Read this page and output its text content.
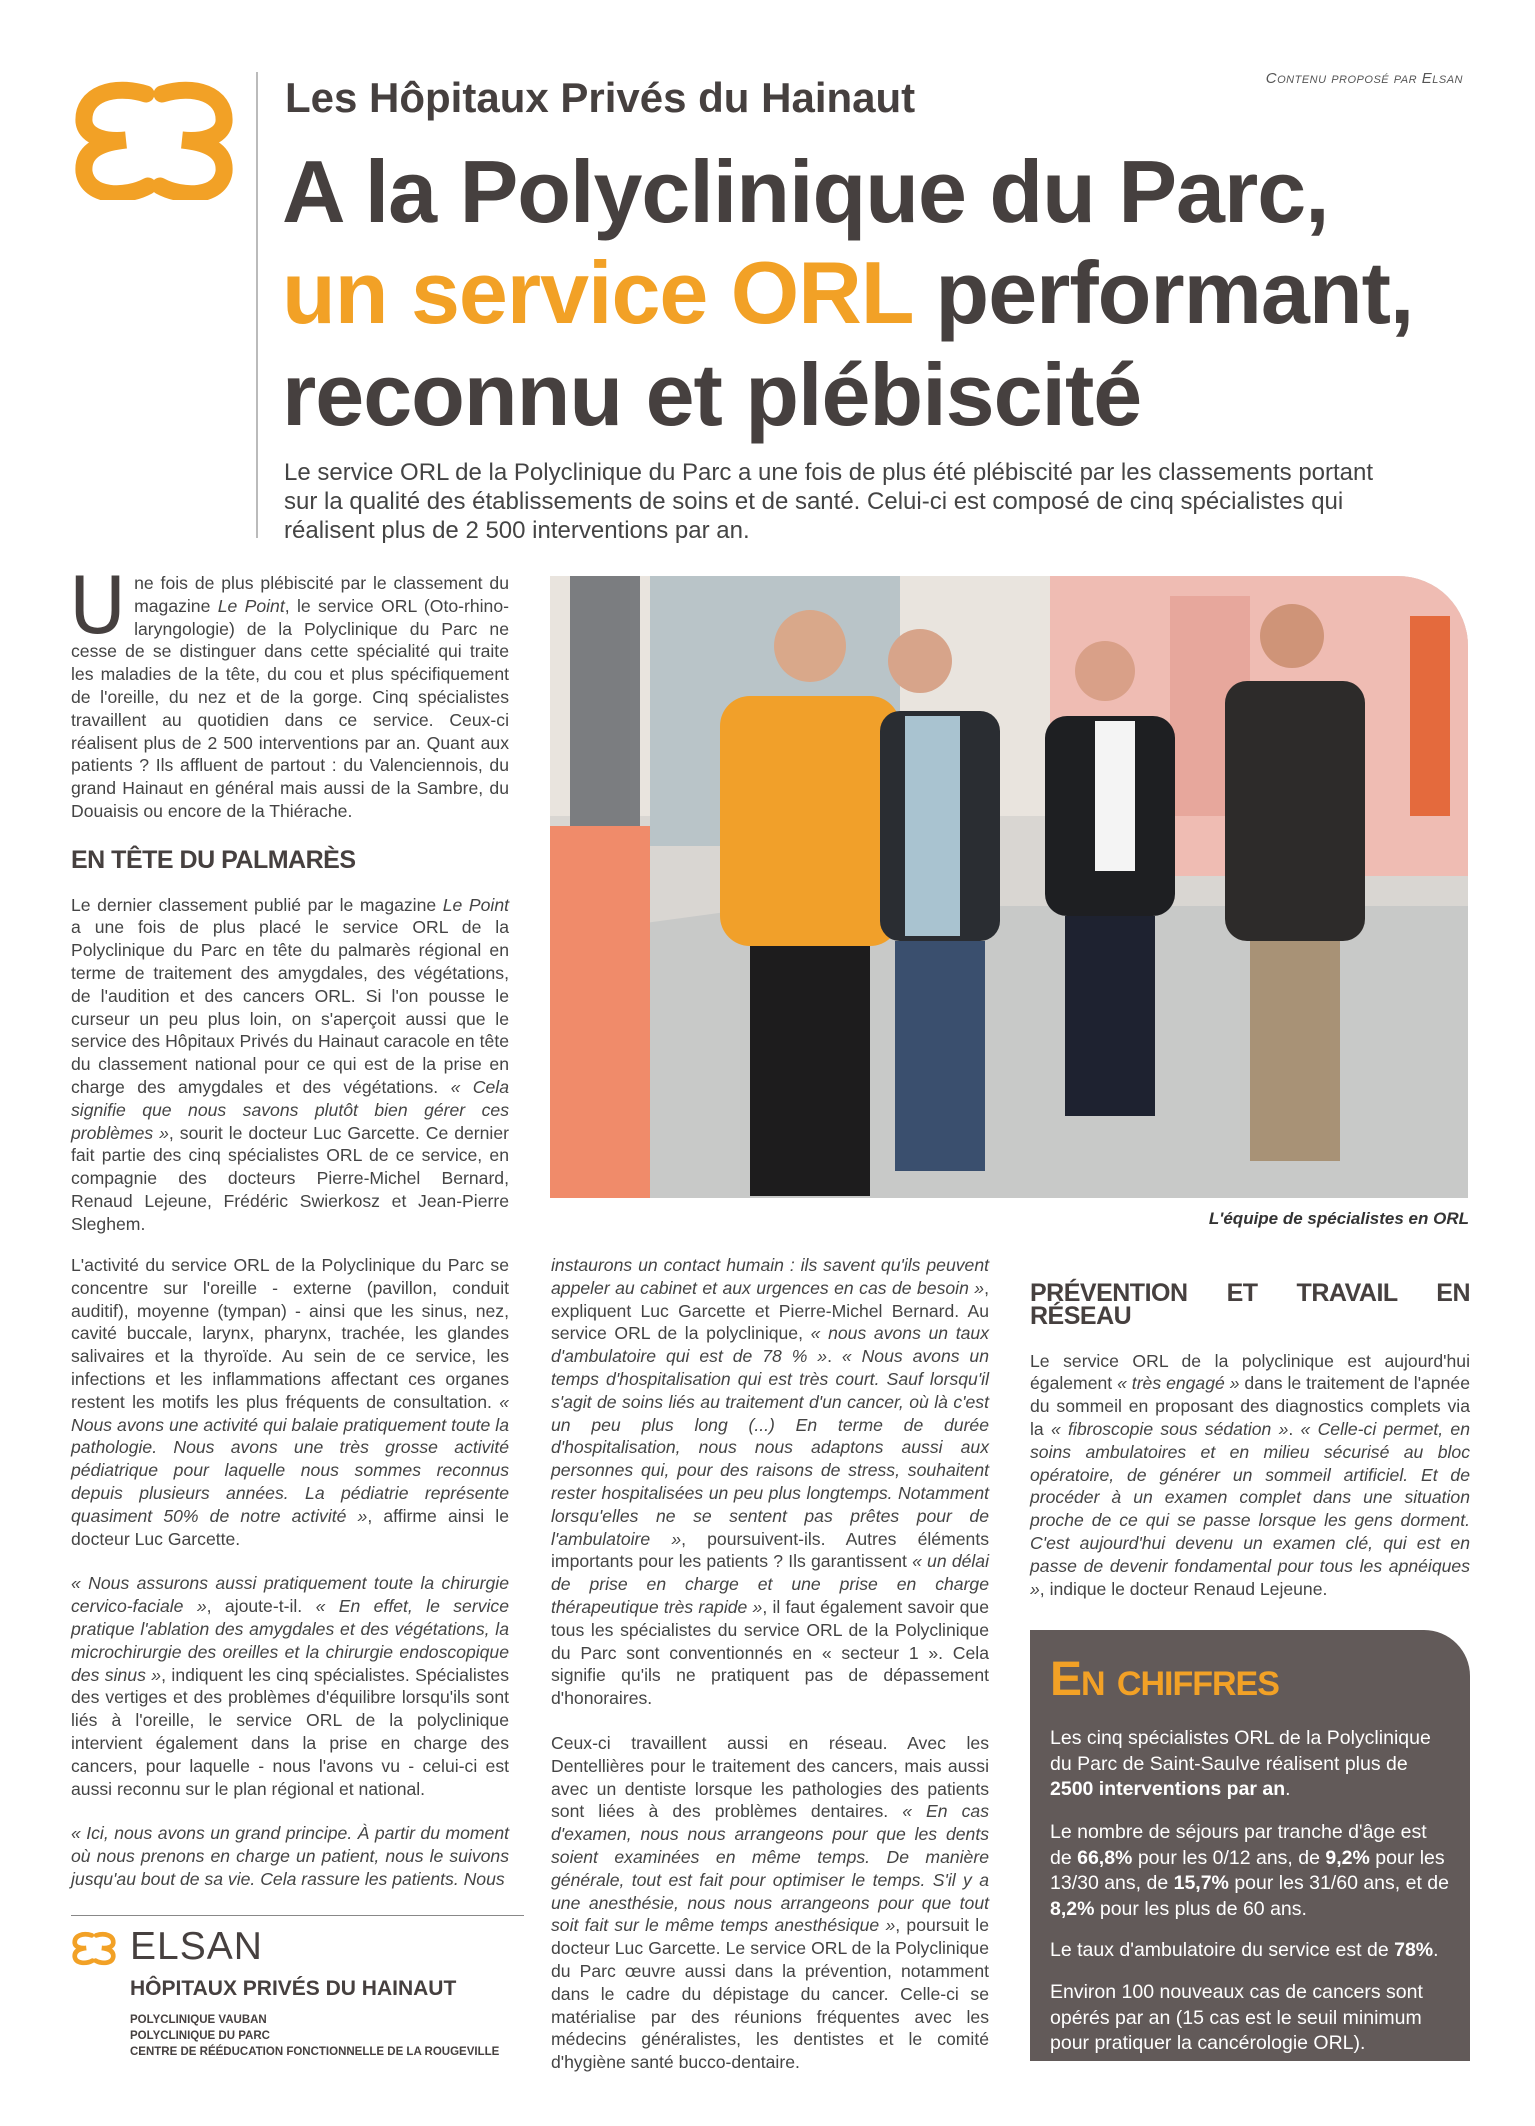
Contenu proposé par Elsan
Les Hôpitaux Privés du Hainaut
A la Polyclinique du Parc,
un service ORL performant,
reconnu et plébiscité
Le service ORL de la Polyclinique du Parc a une fois de plus été plébiscité par les classements portant sur la qualité des établissements de soins et de santé. Celui-ci est composé de cinq spécialistes qui réalisent plus de 2 500 interventions par an.

Une fois de plus plébiscité par le classement du magazine Le Point, le service ORL (Oto-rhino-laryngologie) de la Polyclinique du Parc ne cesse de se distinguer dans cette spécialité qui traite les maladies de la tête, du cou et plus spécifiquement de l'oreille, du nez et de la gorge. Cinq spécialistes travaillent au quotidien dans ce service. Ceux-ci réalisent plus de 2 500 interventions par an. Quant aux patients ? Ils affluent de partout : du Valenciennois, du grand Hainaut en général mais aussi de la Sambre, du Douaisis ou encore de la Thiérache.

EN TÊTE DU PALMARÈS

Le dernier classement publié par le magazine Le Point a une fois de plus placé le service ORL de la Polyclinique du Parc en tête du palmarès régional en terme de traitement des amygdales, des végétations, de l'audition et des cancers ORL. Si l'on pousse le curseur un peu plus loin, on s'aperçoit aussi que le service des Hôpitaux Privés du Hainaut caracole en tête du classement national pour ce qui est de la prise en charge des amygdales et des végétations. « Cela signifie que nous savons plutôt bien gérer ces problèmes », sourit le docteur Luc Garcette. Ce dernier fait partie des cinq spécialistes ORL de ce service, en compagnie des docteurs Pierre-Michel Bernard, Renaud Lejeune, Frédéric Swierkosz et Jean-Pierre Sleghem.	L'équipe de spécialistes en ORL

L'activité du service ORL de la Polyclinique du Parc se concentre sur l'oreille - externe (pavillon, conduit auditif), moyenne (tympan) - ainsi que les sinus, nez, cavité buccale, larynx, pharynx, trachée, les glandes salivaires et la thyroïde. Au sein de ce service, les infections et les inflammations affectant ces organes restent les motifs les plus fréquents de consultation. « Nous avons une activité qui balaie pratiquement toute la pathologie. Nous avons une très grosse activité pédiatrique pour laquelle nous sommes reconnus depuis plusieurs années. La pédiatrie représente quasiment 50% de notre activité », affirme ainsi le docteur Luc Garcette.

« Nous assurons aussi pratiquement toute la chirurgie cervico-faciale », ajoute-t-il. « En effet, le service pratique l'ablation des amygdales et des végétations, la microchirurgie des oreilles et la chirurgie endoscopique des sinus », indiquent les cinq spécialistes. Spécialistes des vertiges et des problèmes d'équilibre lorsqu'ils sont liés à l'oreille, le service ORL de la polyclinique intervient également dans la prise en charge des cancers, pour laquelle - nous l'avons vu - celui-ci est aussi reconnu sur le plan régional et national.

« Ici, nous avons un grand principe. À partir du moment où nous prenons en charge un patient, nous le suivons jusqu'au bout de sa vie. Cela rassure les patients. Nous

instaurons un contact humain : ils savent qu'ils peuvent appeler au cabinet et aux urgences en cas de besoin », expliquent Luc Garcette et Pierre-Michel Bernard. Au service ORL de la polyclinique, « nous avons un taux d'ambulatoire qui est de 78 % ». « Nous avons un temps d'hospitalisation qui est très court. Sauf lorsqu'il s'agit de soins liés au traitement d'un cancer, où là c'est un peu plus long (...) En terme de durée d'hospitalisation, nous nous adaptons aussi aux personnes qui, pour des raisons de stress, souhaitent rester hospitalisées un peu plus longtemps. Notamment lorsqu'elles ne se sentent pas prêtes pour de l'ambulatoire », poursuivent-ils. Autres éléments importants pour les patients ? Ils garantissent « un délai de prise en charge et une prise en charge thérapeutique très rapide », il faut également savoir que tous les spécialistes du service ORL de la Polyclinique du Parc sont conventionnés en « secteur 1 ». Cela signifie qu'ils ne pratiquent pas de dépassement d'honoraires.

Ceux-ci travaillent aussi en réseau. Avec les Dentellières pour le traitement des cancers, mais aussi avec un dentiste lorsque les pathologies des patients sont liées à des problèmes dentaires. « En cas d'examen, nous nous arrangeons pour que les dents soient examinées en même temps. De manière générale, tout est fait pour optimiser le temps. S'il y a une anesthésie, nous nous arrangeons pour que tout soit fait sur le même temps anesthésique », poursuit le docteur Luc Garcette. Le service ORL de la Polyclinique du Parc œuvre aussi dans la prévention, notamment dans le cadre du dépistage du cancer. Celle-ci se matérialise par des réunions fréquentes avec les médecins généralistes, les dentistes et le comité d'hygiène santé bucco-dentaire.

PRÉVENTION ET TRAVAIL EN RÉSEAU

Le service ORL de la polyclinique est aujourd'hui également « très engagé » dans le traitement de l'apnée du sommeil en proposant des diagnostics complets via la « fibroscopie sous sédation ». « Celle-ci permet, en soins ambulatoires et en milieu sécurisé au bloc opératoire, de générer un sommeil artificiel. Et de procéder à un examen complet dans une situation proche de ce qui se passe lorsque les gens dorment. C'est aujourd'hui devenu un examen clé, qui est en passe de devenir fondamental pour tous les apnéiques », indique le docteur Renaud Lejeune.

En chiffres

Les cinq spécialistes ORL de la Polyclinique du Parc de Saint-Saulve réalisent plus de 2500 interventions par an.

Le nombre de séjours par tranche d'âge est de 66,8% pour les 0/12 ans, de 9,2% pour les 13/30 ans, de 15,7% pour les 31/60 ans, et de 8,2% pour les plus de 60 ans.

Le taux d'ambulatoire du service est de 78%.

Environ 100 nouveaux cas de cancers sont opérés par an (15 cas est le seuil minimum pour pratiquer la cancérologie ORL).

ELSAN
HÔPITAUX PRIVÉS DU HAINAUT
POLYCLINIQUE VAUBAN
POLYCLINIQUE DU PARC
CENTRE DE RÉÉDUCATION FONCTIONNELLE DE LA ROUGEVILLE
